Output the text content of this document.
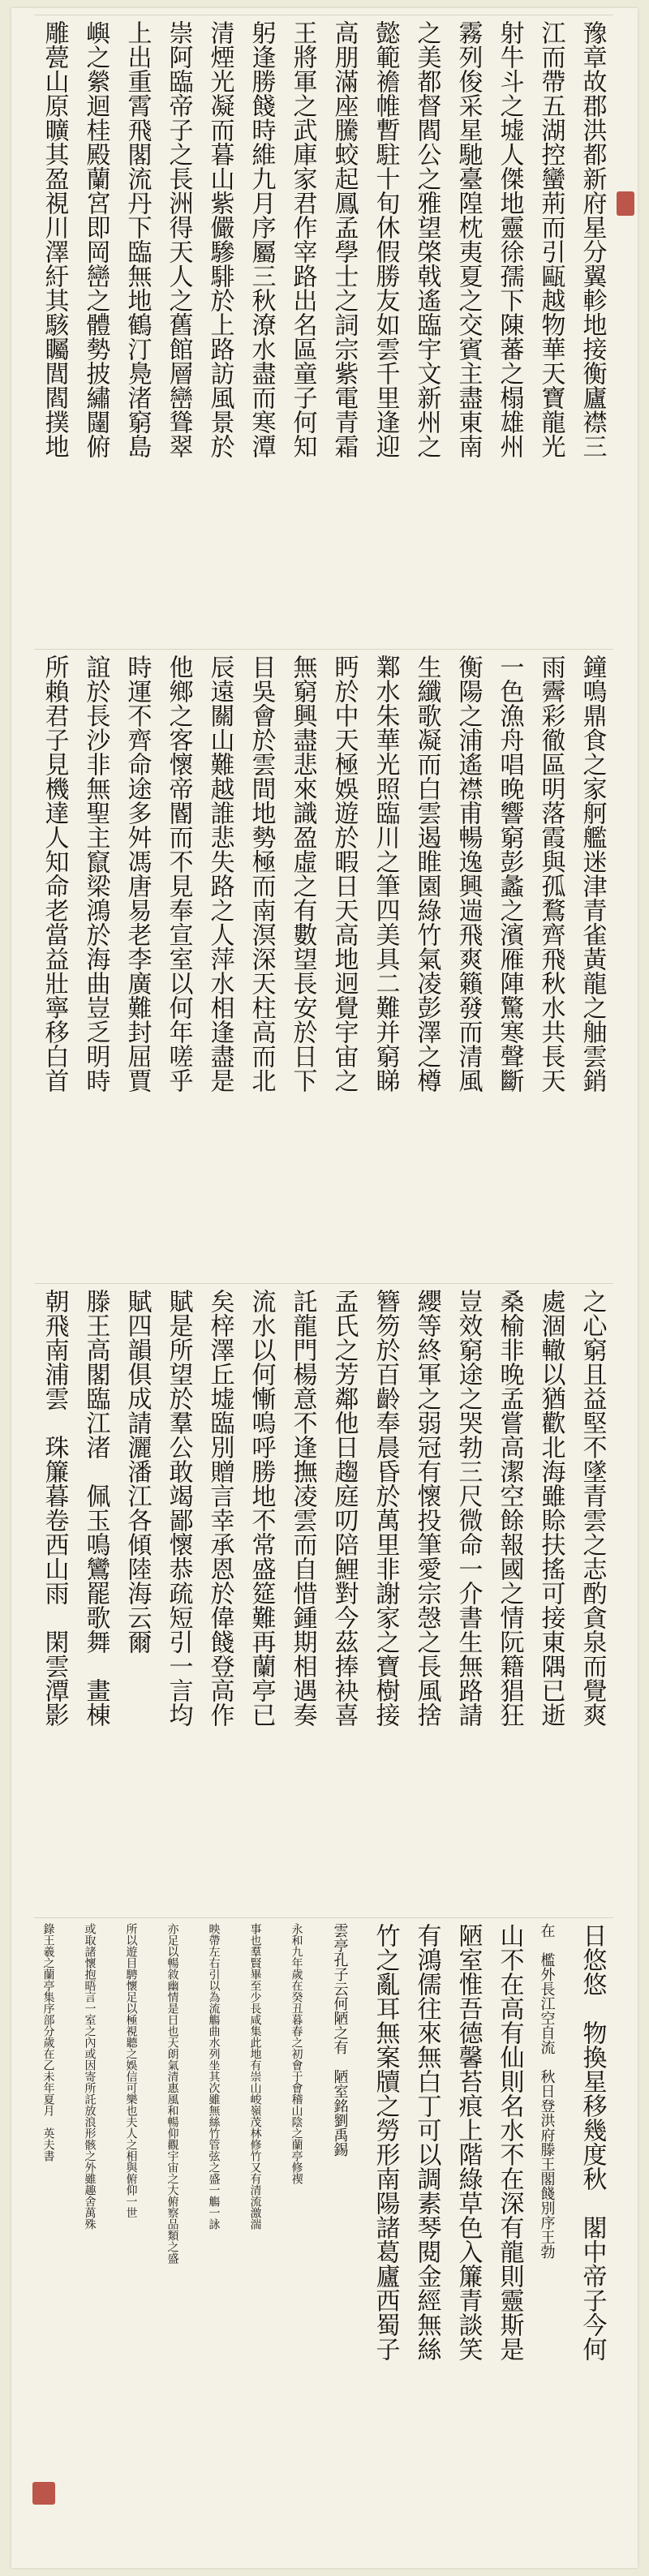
豫章故郡洪都新府星分翼軫地接衡廬襟三
江而帶五湖控蠻荊而引甌越物華天寶龍光
射牛斗之墟人傑地靈徐孺下陳蕃之榻雄州
霧列俊采星馳臺隍枕夷夏之交賓主盡東南
之美都督閻公之雅望棨戟遙臨宇文新州之
懿範襜帷暫駐十旬休假勝友如雲千里逢迎
高朋滿座騰蛟起鳳孟學士之詞宗紫電青霜
王將軍之武庫家君作宰路出名區童子何知
躬逢勝餞時維九月序屬三秋潦水盡而寒潭
清煙光凝而暮山紫儼驂騑於上路訪風景於
崇阿臨帝子之長洲得天人之舊館層巒聳翠
上出重霄飛閣流丹下臨無地鶴汀鳧渚窮島
嶼之縈迴桂殿蘭宮即岡巒之體勢披繡闥俯
雕甍山原曠其盈視川澤紆其駭矚閭閻撲地
鐘鳴鼎食之家舸艦迷津青雀黃龍之舳雲銷
雨霽彩徹區明落霞與孤鶩齊飛秋水共長天
一色漁舟唱晚響窮彭蠡之濱雁陣驚寒聲斷
衡陽之浦遙襟甫暢逸興遄飛爽籟發而清風
生纖歌凝而白雲遏睢園綠竹氣凌彭澤之樽
鄴水朱華光照臨川之筆四美具二難并窮睇
眄於中天極娛遊於暇日天高地迥覺宇宙之
無窮興盡悲來識盈虛之有數望長安於日下
目吳會於雲間地勢極而南溟深天柱高而北
辰遠關山難越誰悲失路之人萍水相逢盡是
他鄉之客懷帝閽而不見奉宣室以何年嗟乎
時運不齊命途多舛馮唐易老李廣難封屈賈
誼於長沙非無聖主竄梁鴻於海曲豈乏明時
所賴君子見機達人知命老當益壯寧移白首
之心窮且益堅不墜青雲之志酌貪泉而覺爽
處涸轍以猶歡北海雖賒扶搖可接東隅已逝
桑榆非晚孟嘗高潔空餘報國之情阮籍猖狂
豈效窮途之哭勃三尺微命一介書生無路請
纓等終軍之弱冠有懷投筆愛宗愨之長風捨
簪笏於百齡奉晨昏於萬里非謝家之寶樹接
孟氏之芳鄰他日趨庭叨陪鯉對今茲捧袂喜
託龍門楊意不逢撫凌雲而自惜鍾期相遇奏
流水以何慚嗚呼勝地不常盛筵難再蘭亭已
矣梓澤丘墟臨別贈言幸承恩於偉餞登高作
賦是所望於羣公敢竭鄙懷恭疏短引一言均
賦四韻俱成請灑潘江各傾陸海云爾
滕王高閣臨江渚　佩玉鳴鸞罷歌舞　畫棟
朝飛南浦雲　珠簾暮卷西山雨　閑雲潭影
日悠悠　物換星移幾度秋　閣中帝子今何
在　檻外長江空自流　秋日登洪府滕王閣餞別序王勃
山不在高有仙則名水不在深有龍則靈斯是
陋室惟吾德馨苔痕上階綠草色入簾青談笑
有鴻儒往來無白丁可以調素琴閱金經無絲
竹之亂耳無案牘之勞形南陽諸葛廬西蜀子
雲亭孔子云何陋之有　陋室銘劉禹錫
永和九年歲在癸丑暮春之初會于會稽山陰之蘭亭修禊
事也羣賢畢至少長咸集此地有崇山峻嶺茂林修竹又有清流激湍
映帶左右引以為流觴曲水列坐其次雖無絲竹管弦之盛一觴一詠
亦足以暢敘幽情是日也天朗氣清惠風和暢仰觀宇宙之大俯察品類之盛
所以遊目騁懷足以極視聽之娛信可樂也夫人之相與俯仰一世
或取諸懷抱晤言一室之內或因寄所託放浪形骸之外雖趣舍萬殊
錄王羲之蘭亭集序部分歲在乙未年夏月　英夫書
